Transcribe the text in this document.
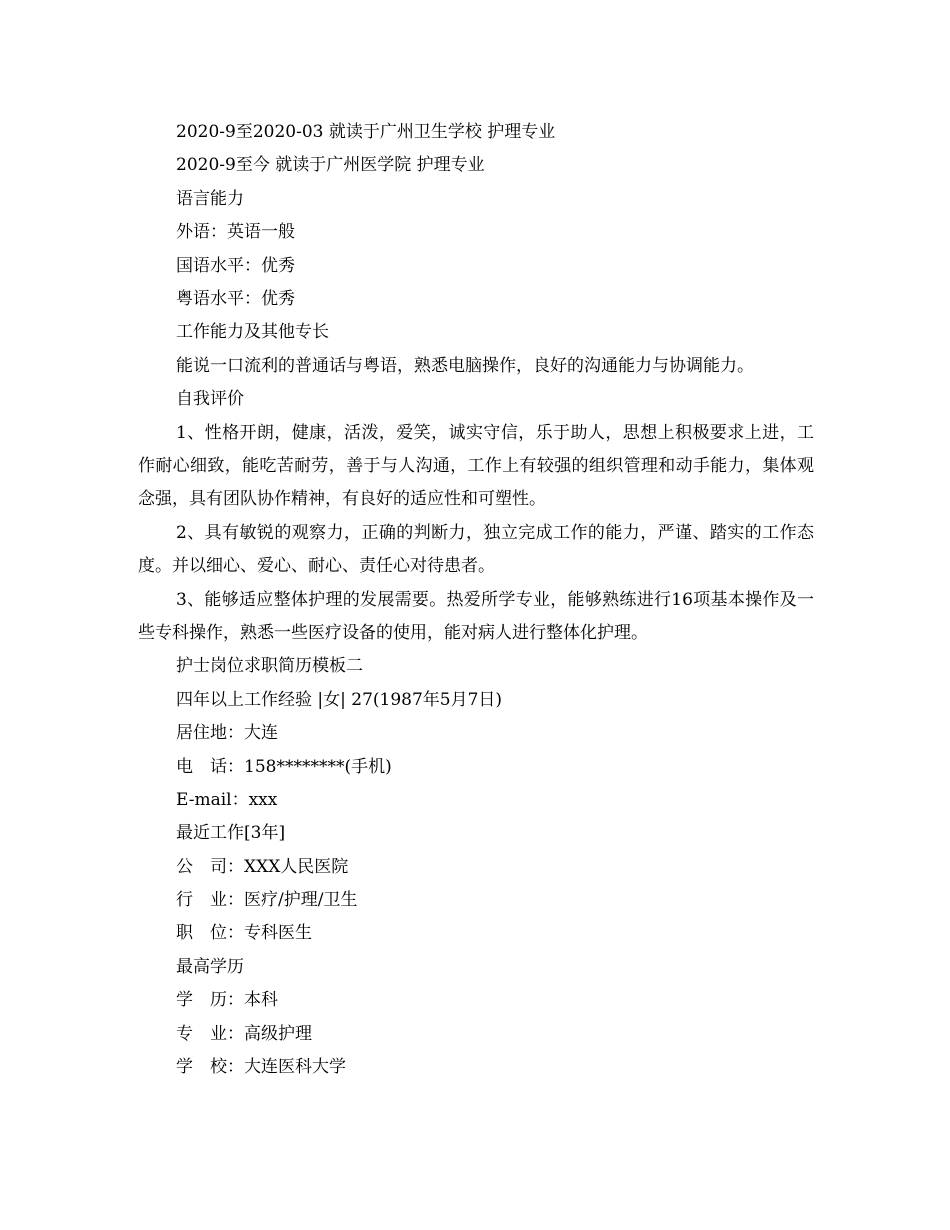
2020-9至2020-03 就读于广州卫生学校 护理专业
2020-9至今 就读于广州医学院 护理专业
语言能力
外语：英语一般
国语水平：优秀
粤语水平：优秀
工作能力及其他专长
能说一口流利的普通话与粤语，熟悉电脑操作，良好的沟通能力与协调能力。
自我评价

1、性格开朗，健康，活泼，爱笑，诚实守信，乐于助人，思想上积极要求上进，工作耐心细致，能吃苦耐劳，善于与人沟通，工作上有较强的组织管理和动手能力，集体观念强，具有团队协作精神，有良好的适应性和可塑性。

2、具有敏锐的观察力，正确的判断力，独立完成工作的能力，严谨、踏实的工作态度。并以细心、爱心、耐心、责任心对待患者。

3、能够适应整体护理的发展需要。热爱所学专业，能够熟练进行16项基本操作及一些专科操作，熟悉一些医疗设备的使用，能对病人进行整体化护理。

护士岗位求职简历模板二
四年以上工作经验 |女| 27(1987年5月7日)
居住地：大连
电　话：158********(手机)
E-mail：xxx
最近工作[3年]
公　司：XXX人民医院
行　业：医疗/护理/卫生
职　位：专科医生
最高学历
学　历：本科
专　业：高级护理
学　校：大连医科大学
